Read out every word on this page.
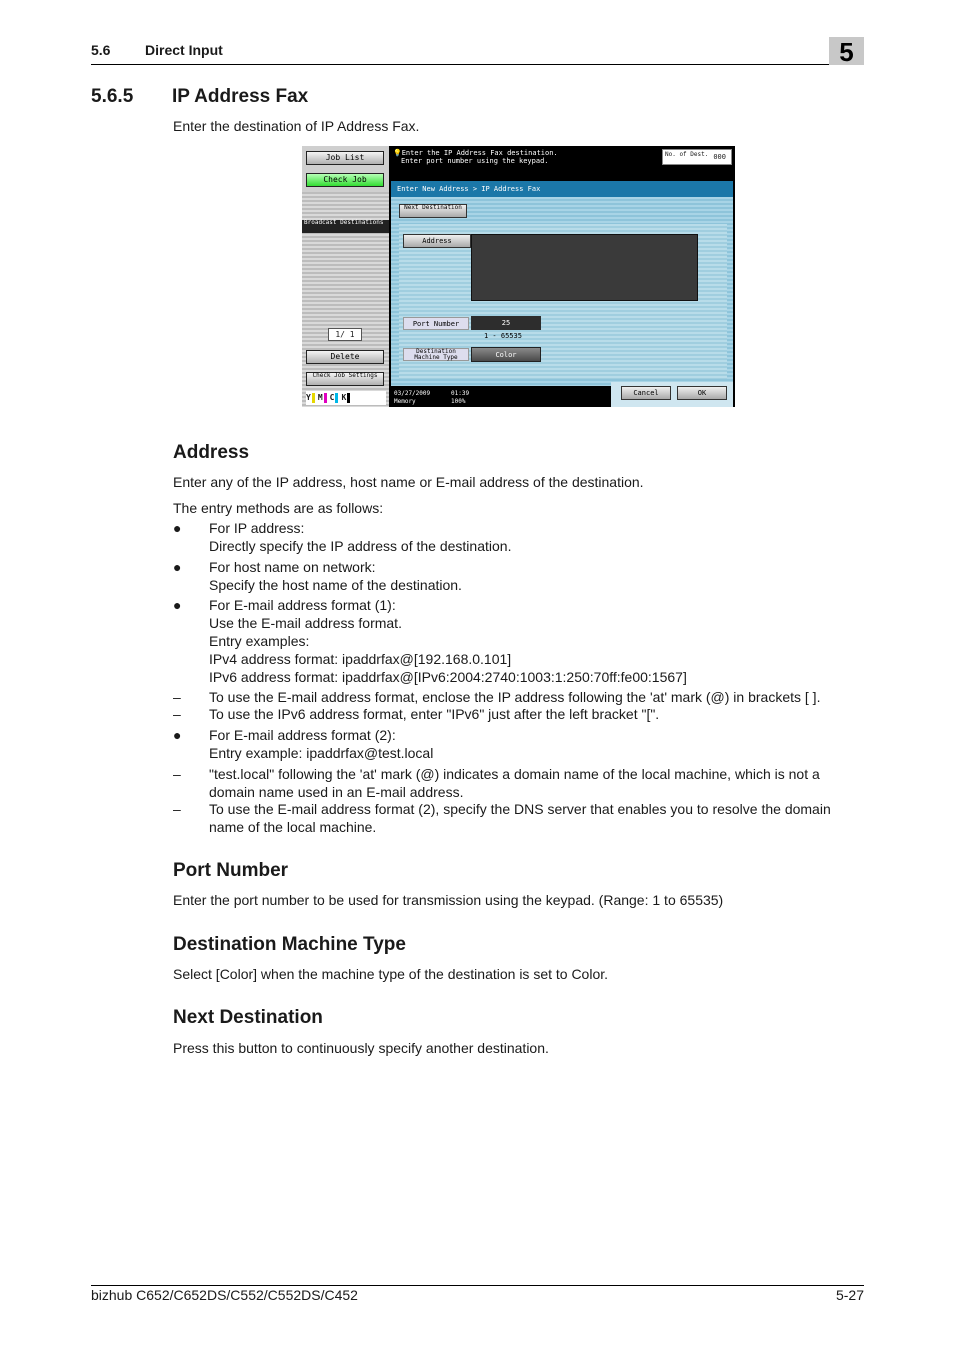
5.6 Direct Input	5
5.6.5 IP Address Fax
Enter the destination of IP Address Fax.
Job List
Check Job
Broadcast Destinations
1/ 1
Delete
Check Job Settings
Y M C K
💡Enter the IP Address Fax destination.
Enter port number using the keypad.
No. of Dest. 000
Enter New Address > IP Address Fax
Next Destination
Address
Port Number	25
1 - 65535
Destination Machine Type	Color
03/27/2009
Memory
01:39
100%
Cancel	OK
Address
Enter any of the IP address, host name or E-mail address of the destination.
The entry methods are as follows:
●	For IP address:
Directly specify the IP address of the destination.
●	For host name on network:
Specify the host name of the destination.
●	For E-mail address format (1):
Use the E-mail address format.
Entry examples:
IPv4 address format: ipaddrfax@[192.168.0.101]
IPv6 address format: ipaddrfax@[IPv6:2004:2740:1003:1:250:70ff:fe00:1567]
–	To use the E-mail address format, enclose the IP address following the 'at' mark (@) in brackets [ ].
–	To use the IPv6 address format, enter "IPv6" just after the left bracket "[".
●	For E-mail address format (2):
Entry example: ipaddrfax@test.local
–	"test.local" following the 'at' mark (@) indicates a domain name of the local machine, which is not a
domain name used in an E-mail address.
–	To use the E-mail address format (2), specify the DNS server that enables you to resolve the domain
name of the local machine.
Port Number
Enter the port number to be used for transmission using the keypad. (Range: 1 to 65535)
Destination Machine Type
Select [Color] when the machine type of the destination is set to Color.
Next Destination
Press this button to continuously specify another destination.
bizhub C652/C652DS/C552/C552DS/C452	5-27
